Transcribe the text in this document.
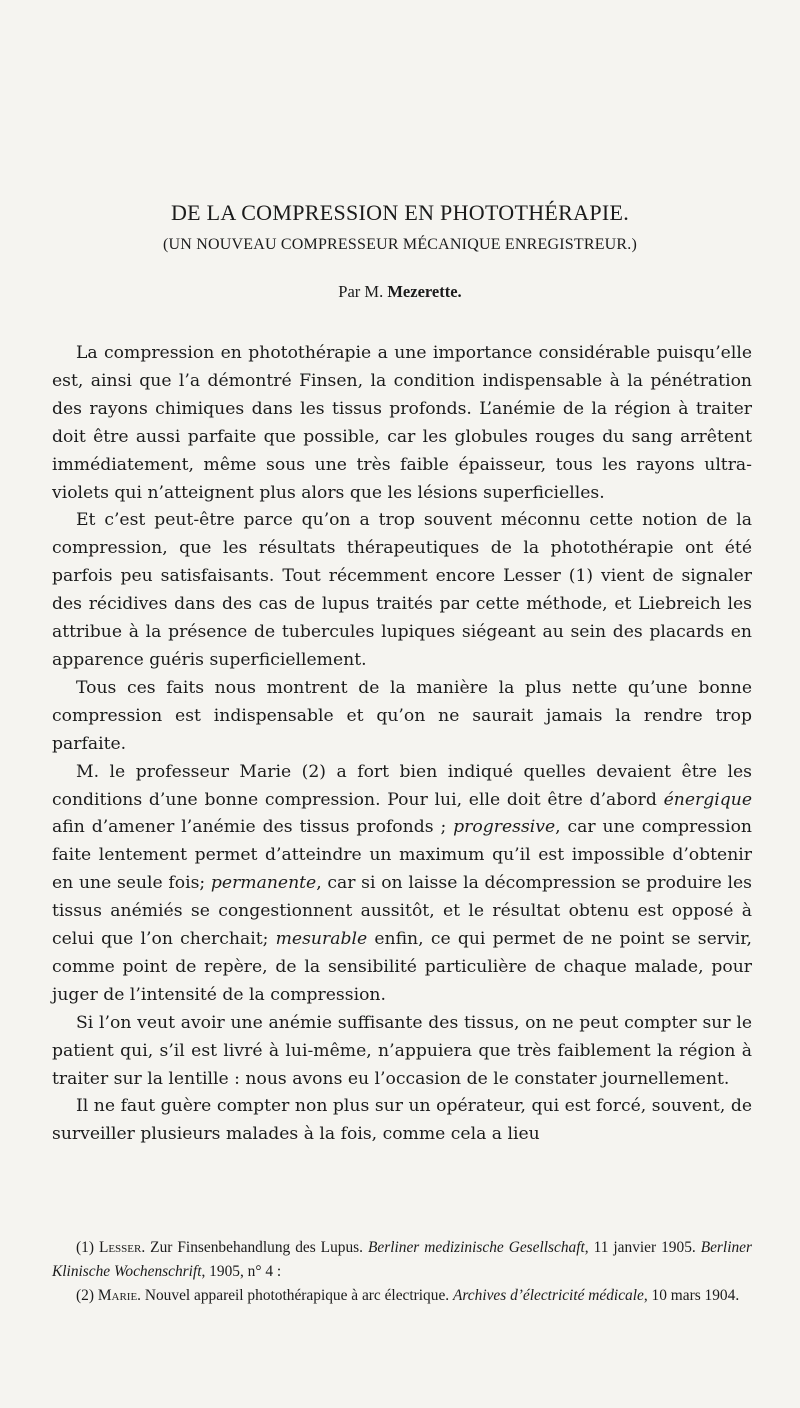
DE LA COMPRESSION EN PHOTOTHÉRAPIE.
(UN NOUVEAU COMPRESSEUR MÉCANIQUE ENREGISTREUR.)
Par M. Mezerette.

La compression en photothérapie a une importance considérable puisqu’elle est, ainsi que l’a démontré Finsen, la condition indispensable à la pénétration des rayons chimiques dans les tissus profonds. L’anémie de la région à traiter doit être aussi parfaite que possible, car les globules rouges du sang arrêtent immédiatement, même sous une très faible épaisseur, tous les rayons ultra-violets qui n’atteignent plus alors que les lésions superficielles.

Et c’est peut-être parce qu’on a trop souvent méconnu cette notion de la compression, que les résultats thérapeutiques de la photothérapie ont été parfois peu satisfaisants. Tout récemment encore Lesser (1) vient de signaler des récidives dans des cas de lupus traités par cette méthode, et Liebreich les attribue à la présence de tubercules lupiques siégeant au sein des placards en apparence guéris superficiellement.

Tous ces faits nous montrent de la manière la plus nette qu’une bonne compression est indispensable et qu’on ne saurait jamais la rendre trop parfaite.

M. le professeur Marie (2) a fort bien indiqué quelles devaient être les conditions d’une bonne compression. Pour lui, elle doit être d’abord énergique afin d’amener l’anémie des tissus profonds ; progressive, car une compression faite lentement permet d’atteindre un maximum qu’il est impossible d’obtenir en une seule fois; permanente, car si on laisse la décompression se produire les tissus anémiés se congestionnent aussitôt, et le résultat obtenu est opposé à celui que l’on cherchait; mesurable enfin, ce qui permet de ne point se servir, comme point de repère, de la sensibilité particulière de chaque malade, pour juger de l’intensité de la compression.

Si l’on veut avoir une anémie suffisante des tissus, on ne peut compter sur le patient qui, s’il est livré à lui-même, n’appuiera que très faiblement la région à traiter sur la lentille : nous avons eu l’occasion de le constater journellement.

Il ne faut guère compter non plus sur un opérateur, qui est forcé, souvent, de surveiller plusieurs malades à la fois, comme cela a lieu

(1) Lesser. Zur Finsenbehandlung des Lupus. Berliner medizinische Gesellschaft, 11 janvier 1905. Berliner Klinische Wochenschrift, 1905, n° 4 :

(2) Marie. Nouvel appareil photothérapique à arc électrique. Archives d’électricité médicale, 10 mars 1904.
